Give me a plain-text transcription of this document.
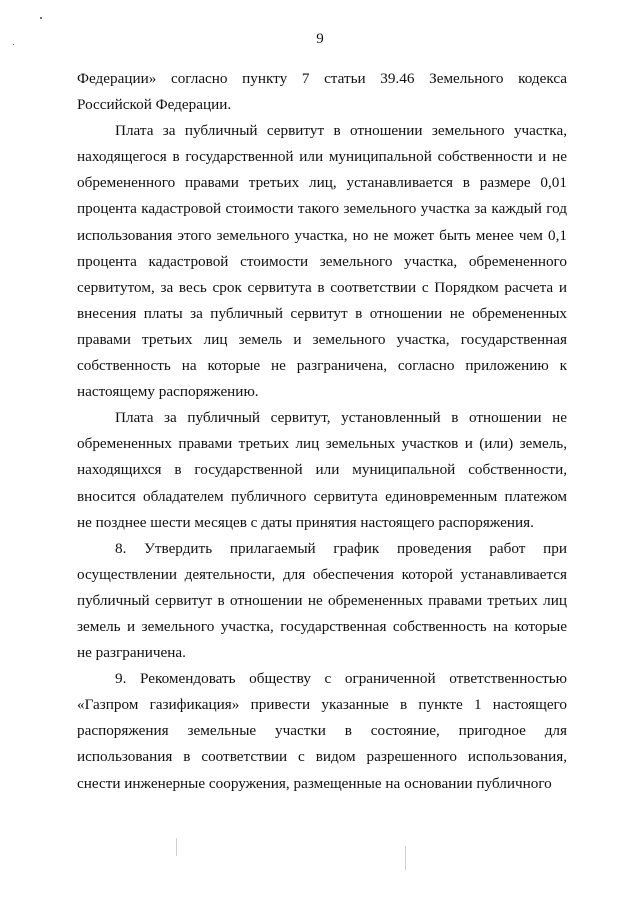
9

Федерации» согласно пункту 7 статьи 39.46 Земельного кодекса Российской Федерации.

Плата за публичный сервитут в отношении земельного участка, находящегося в государственной или муниципальной собственности и не обремененного правами третьих лиц, устанавливается в размере 0,01 процента кадастровой стоимости такого земельного участка за каждый год использования этого земельного участка, но не может быть менее чем 0,1 процента кадастровой стоимости земельного участка, обремененного сервитутом, за весь срок сервитута в соответствии с Порядком расчета и внесения платы за публичный сервитут в отношении не обремененных правами третьих лиц земель и земельного участка, государственная собственность на которые не разграничена, согласно приложению к настоящему распоряжению.

Плата за публичный сервитут, установленный в отношении не обремененных правами третьих лиц земельных участков и (или) земель, находящихся в государственной или муниципальной собственности, вносится обладателем публичного сервитута единовременным платежом не позднее шести месяцев с даты принятия настоящего распоряжения.

8. Утвердить прилагаемый график проведения работ при осуществлении деятельности, для обеспечения которой устанавливается публичный сервитут в отношении не обремененных правами третьих лиц земель и земельного участка, государственная собственность на которые не разграничена.

9. Рекомендовать обществу с ограниченной ответственностью «Газпром газификация» привести указанные в пункте 1 настоящего распоряжения земельные участки в состояние, пригодное для использования в соответствии с видом разрешенного использования, снести инженерные сооружения, размещенные на основании публичного
